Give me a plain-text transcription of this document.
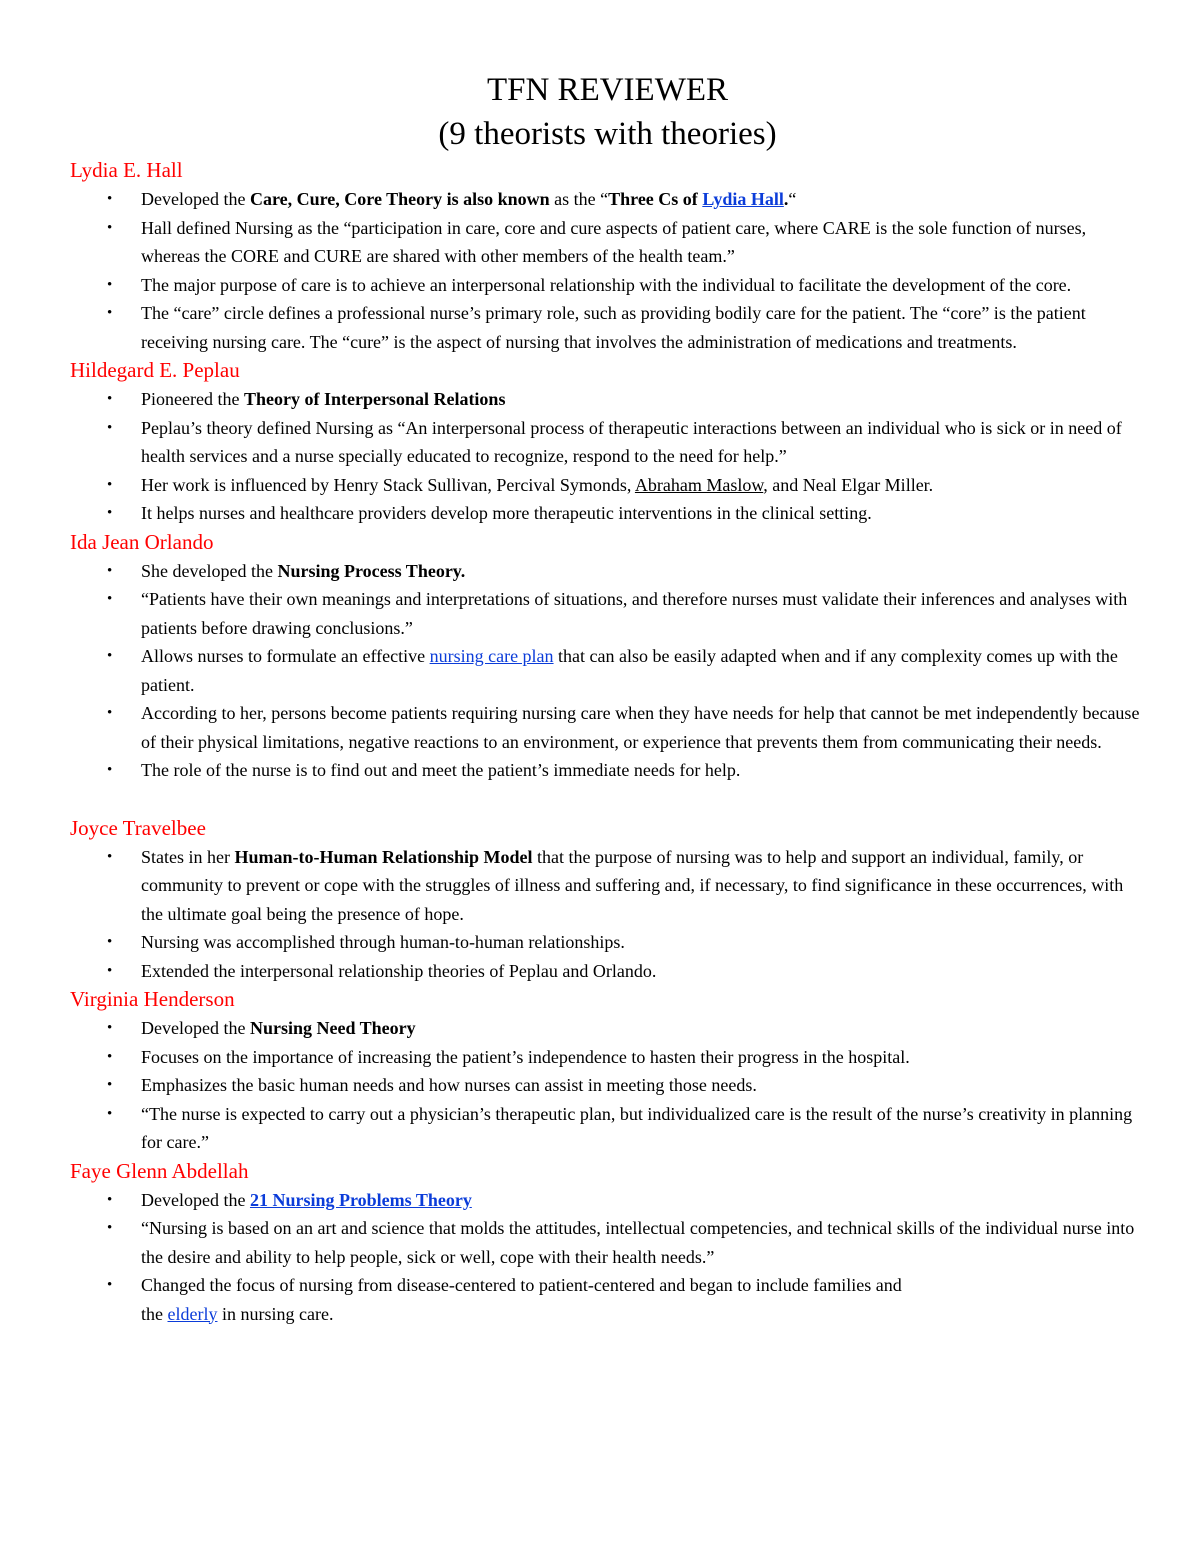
TFN REVIEWER

(9 theorists with theories)

Lydia E. Hall

• Developed the Care, Cure, Core Theory is also known as the “Three Cs of Lydia Hall.“
• Hall defined Nursing as the “participation in care, core and cure aspects of patient care, where CARE is the sole function of nurses, whereas the CORE and CURE are shared with other members of the health team.”
• The major purpose of care is to achieve an interpersonal relationship with the individual to facilitate the development of the core.
• The “care” circle defines a professional nurse’s primary role, such as providing bodily care for the patient. The “core” is the patient receiving nursing care. The “cure” is the aspect of nursing that involves the administration of medications and treatments.

Hildegard E. Peplau

• Pioneered the Theory of Interpersonal Relations
• Peplau’s theory defined Nursing as “An interpersonal process of therapeutic interactions between an individual who is sick or in need of health services and a nurse specially educated to recognize, respond to the need for help.”
• Her work is influenced by Henry Stack Sullivan, Percival Symonds, Abraham Maslow, and Neal Elgar Miller.
• It helps nurses and healthcare providers develop more therapeutic interventions in the clinical setting.

Ida Jean Orlando

• She developed the Nursing Process Theory.
• “Patients have their own meanings and interpretations of situations, and therefore nurses must validate their inferences and analyses with patients before drawing conclusions.”
• Allows nurses to formulate an effective nursing care plan that can also be easily adapted when and if any complexity comes up with the patient.
• According to her, persons become patients requiring nursing care when they have needs for help that cannot be met independently because of their physical limitations, negative reactions to an environment, or experience that prevents them from communicating their needs.
• The role of the nurse is to find out and meet the patient’s immediate needs for help.

Joyce Travelbee

• States in her Human-to-Human Relationship Model that the purpose of nursing was to help and support an individual, family, or community to prevent or cope with the struggles of illness and suffering and, if necessary, to find significance in these occurrences, with the ultimate goal being the presence of hope.
• Nursing was accomplished through human-to-human relationships.
• Extended the interpersonal relationship theories of Peplau and Orlando.

Virginia Henderson

• Developed the Nursing Need Theory
• Focuses on the importance of increasing the patient’s independence to hasten their progress in the hospital.
• Emphasizes the basic human needs and how nurses can assist in meeting those needs.
• “The nurse is expected to carry out a physician’s therapeutic plan, but individualized care is the result of the nurse’s creativity in planning for care.”

Faye Glenn Abdellah

• Developed the 21 Nursing Problems Theory
• “Nursing is based on an art and science that molds the attitudes, intellectual competencies, and technical skills of the individual nurse into the desire and ability to help people, sick or well, cope with their health needs.”
• Changed the focus of nursing from disease-centered to patient-centered and began to include families and
the elderly in nursing care.
